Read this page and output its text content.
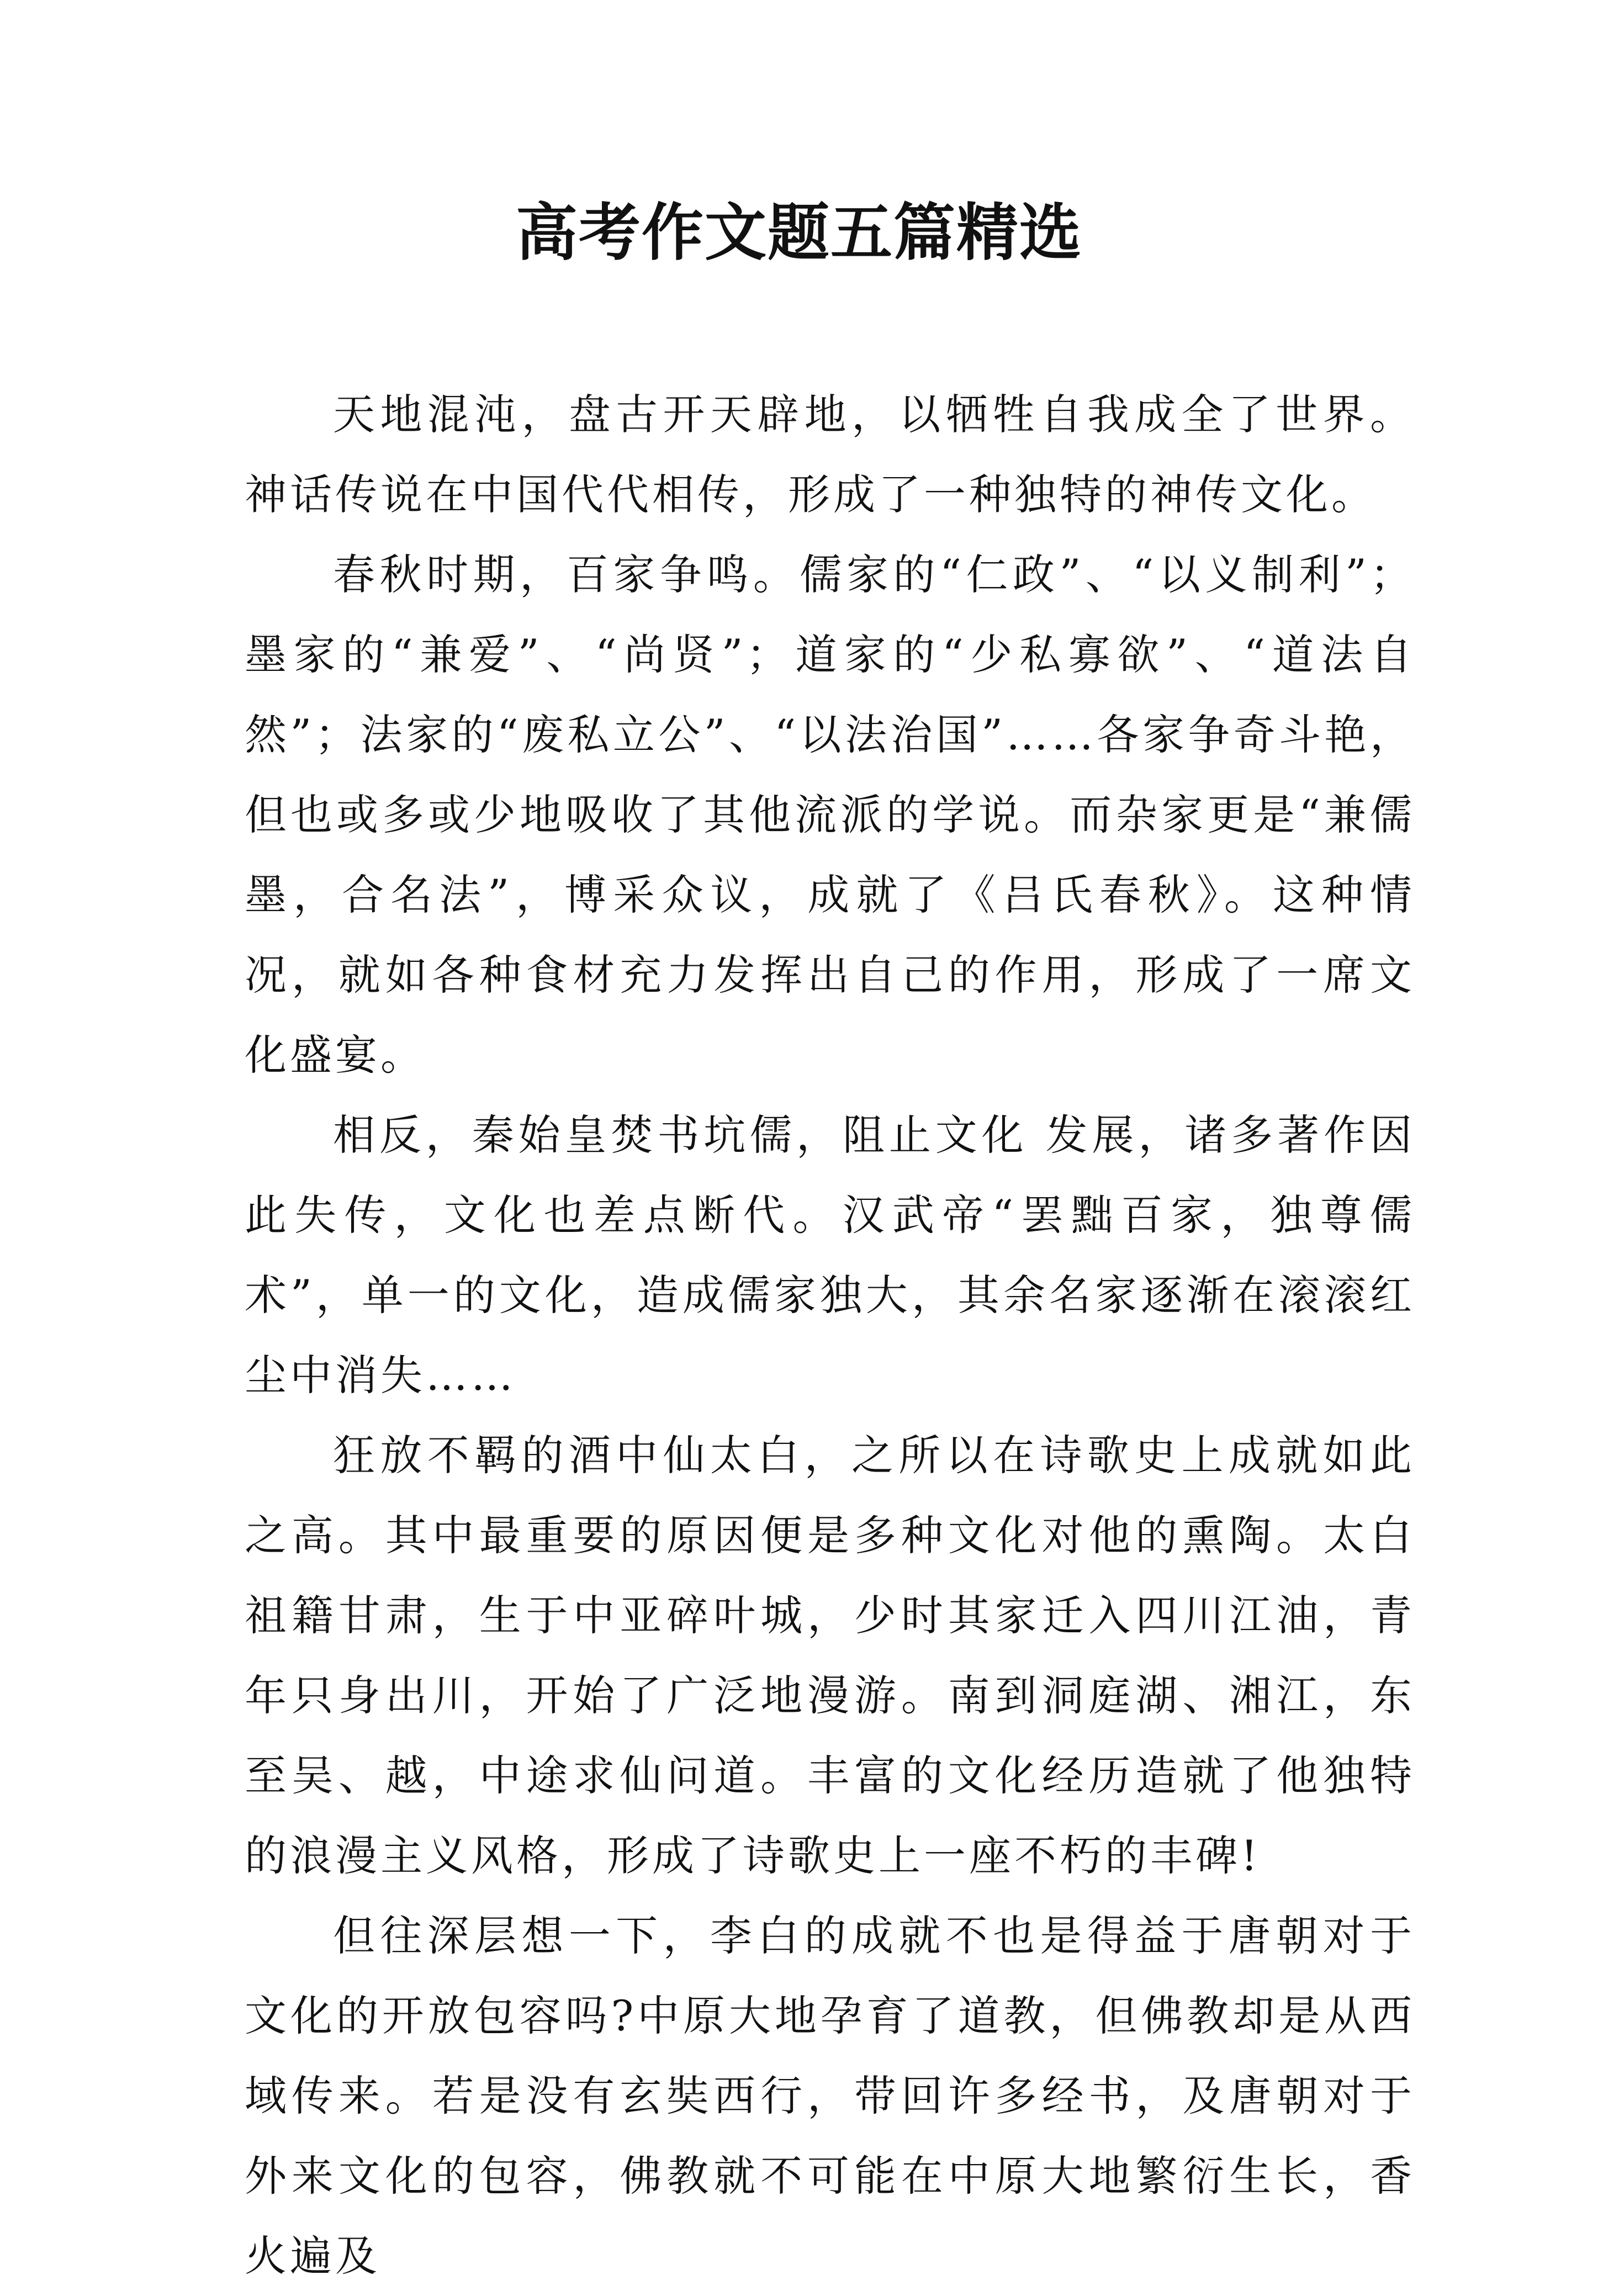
高考作文题五篇精选

天地混沌，盘古开天辟地，以牺牲自我成全了世界。神话传说在中国代代相传，形成了一种独特的神传文化。

春秋时期，百家争鸣。儒家的“仁政”、“以义制利”；墨家的“兼爱”、“尚贤”；道家的“少私寡欲”、“道法自然”；法家的“废私立公”、“以法治国”……各家争奇斗艳，但也或多或少地吸收了其他流派的学说。而杂家更是“兼儒墨，合名法”，博采众议，成就了《吕氏春秋》。这种情况，就如各种食材充力发挥出自己的作用，形成了一席文化盛宴。

相反，秦始皇焚书坑儒，阻止文化 发展，诸多著作因此失传，文化也差点断代。汉武帝“罢黜百家，独尊儒术”，单一的文化，造成儒家独大，其余名家逐渐在滚滚红尘中消失……

狂放不羁的酒中仙太白，之所以在诗歌史上成就如此之高。其中最重要的原因便是多种文化对他的熏陶。太白祖籍甘肃，生于中亚碎叶城，少时其家迁入四川江油，青年只身出川，开始了广泛地漫游。南到洞庭湖、湘江，东至吴、越，中途求仙问道。丰富的文化经历造就了他独特的浪漫主义风格，形成了诗歌史上一座不朽的丰碑!

但往深层想一下，李白的成就不也是得益于唐朝对于文化的开放包容吗?中原大地孕育了道教，但佛教却是从西域传来。若是没有玄奘西行，带回许多经书，及唐朝对于外来文化的包容，佛教就不可能在中原大地繁衍生长，香火遍及
